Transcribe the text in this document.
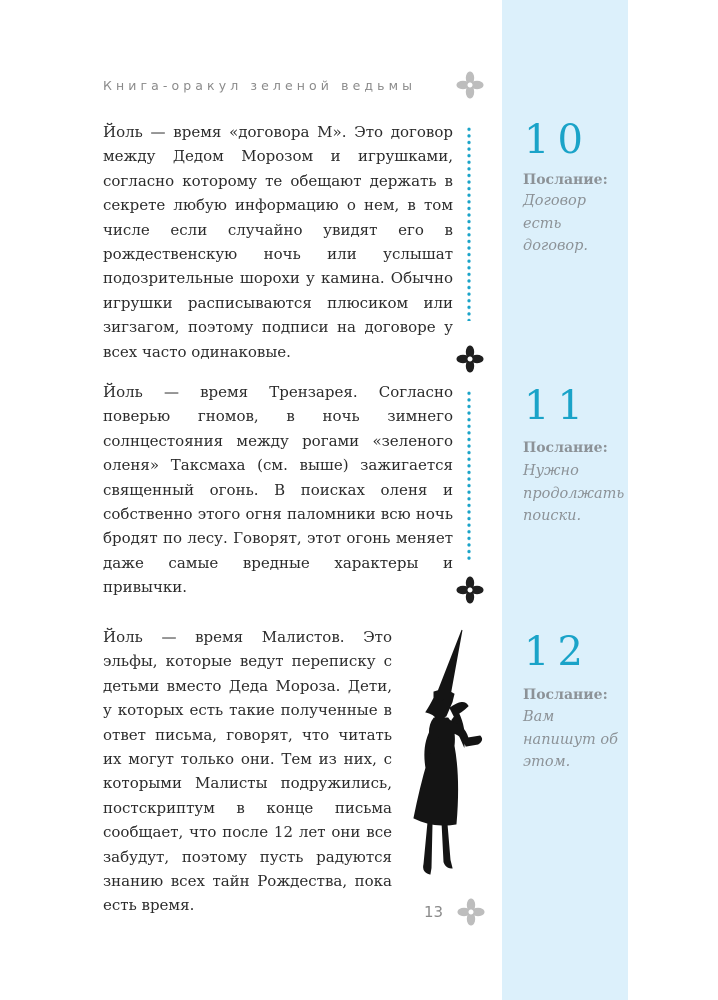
Книга-оракул зеленой ведьмы

Йоль — время «договора М». Это договор между Дедом Морозом и игрушками, согласно которому те обещают держать в секрете любую информацию о нем, в том числе если случайно увидят его в рождественскую ночь или услышат подозрительные шорохи у камина. Обычно игрушки расписываются плюсиком или зигзагом, поэтому подписи на договоре у всех часто одинаковые.

10
Послание:
Договор есть договор.

Йоль — время Трензарея. Согласно поверью гномов, в ночь зимнего солнцестояния между рогами «зеленого оленя» Таксмаха (см. выше) зажигается священный огонь. В поисках оленя и собственно этого огня паломники всю ночь бродят по лесу. Говорят, этот огонь меняет даже самые вредные характеры и привычки.

11
Послание:
Нужно продолжать поиски.

Йоль — время Малистов. Это эльфы, которые ведут переписку с детьми вместо Деда Мороза. Дети, у которых есть такие полученные в ответ письма, говорят, что читать их могут только они. Тем из них, с которыми Малисты подружились, постскриптум в конце письма сообщает, что после 12 лет они все забудут, поэтому пусть радуются знанию всех тайн Рождества, пока есть время.

12
Послание:
Вам напишут об этом.
13
